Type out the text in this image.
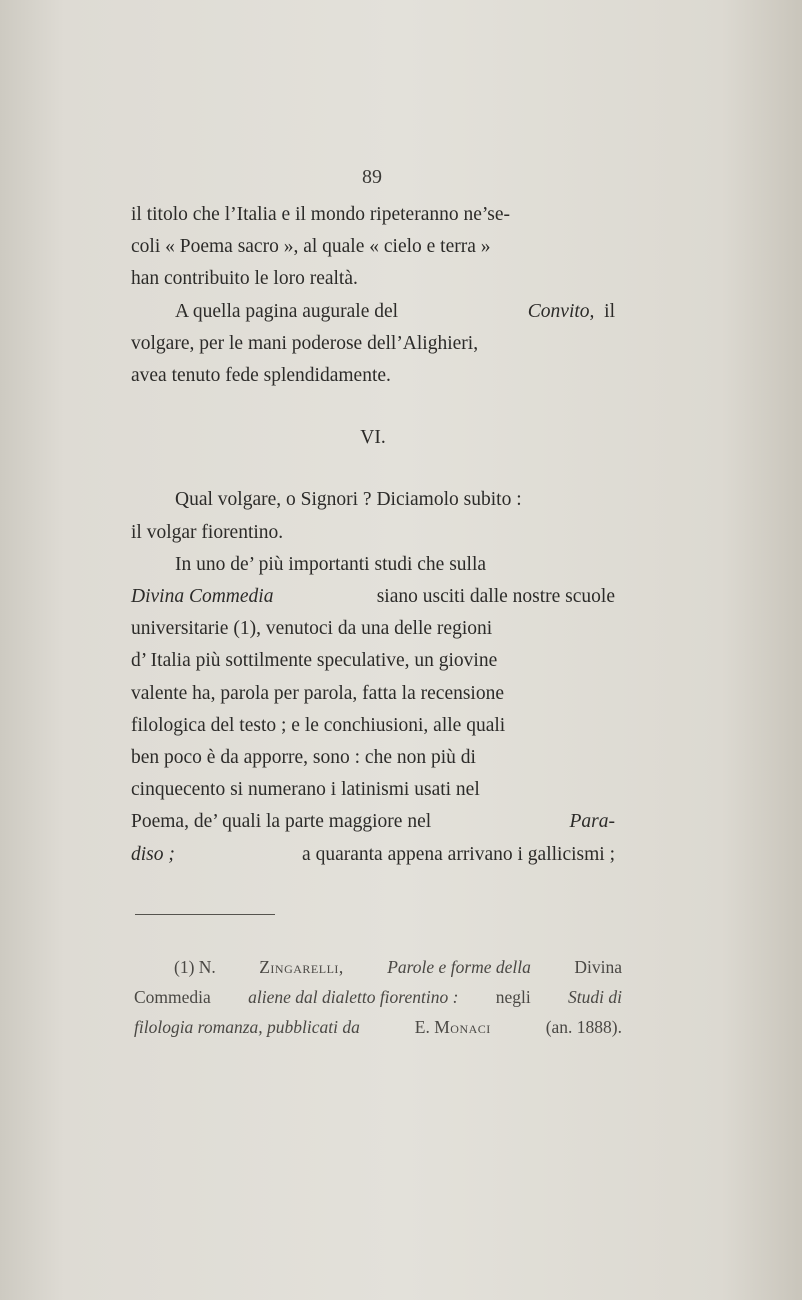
89
il titolo che l’Italia e il mondo ripeteranno ne’se-
coli « Poema sacro », al quale « cielo e terra »
han contribuito le loro realtà.
A quella pagina augurale del	Convito, il
volgare, per le mani poderose dell’Alighieri,
avea tenuto fede splendidamente.
VI.
Qual volgare, o Signori ? Diciamolo subito :
il volgar fiorentino.
In uno de’ più importanti studi che sulla
Divina Commedia	siano usciti dalle nostre scuole
universitarie (1), venutoci da una delle regioni
d’ Italia più sottilmente speculative, un giovine
valente ha, parola per parola, fatta la recensione
filologica del testo ; e le conchiusioni, alle quali
ben poco è da apporre, sono : che non più di
cinquecento si numerano i latinismi usati nel
Poema, de’ quali la parte maggiore nel	Para-
diso ;	a quaranta appena arrivano i gallicismi ;
(1) N. Zingarelli, Parole e forme della Divina
Commedia aliene dal dialetto fiorentino : negli Studi di
filologia romanza, pubblicati da	E. Monaci	(an. 1888).
